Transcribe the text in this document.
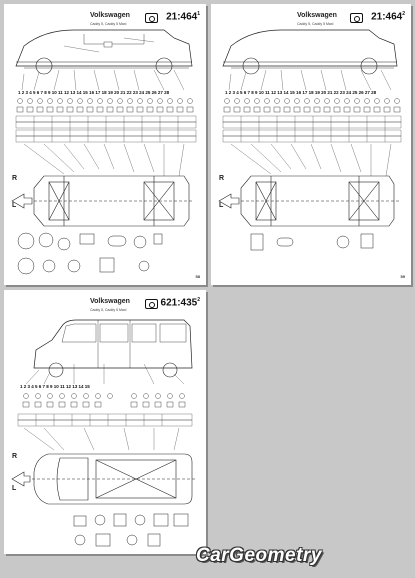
1 2 3 4 5 6 7 8 9 10 11 12 13 14 15 16 17 18 19 20 21 22 23 24 25 26 27 28
Volkswagen
Caddy 5, Caddy 5 Maxi
$21:464^1$
R
L
58
1 2 3 4 5 6 7 8 9 10 11 12 13 14 15 16 17 18 19 20 21 22 23 24 25 26 27 28
Volkswagen
Caddy 5, Caddy 5 Maxi
$21:464^2$
R
L
59
1 2 3 4 5 6 7 8 9 10 11 12 13 14 15
Volkswagen
Caddy 5, Caddy 5 Maxi
$621:435^2$
R
L
CarGeometry
